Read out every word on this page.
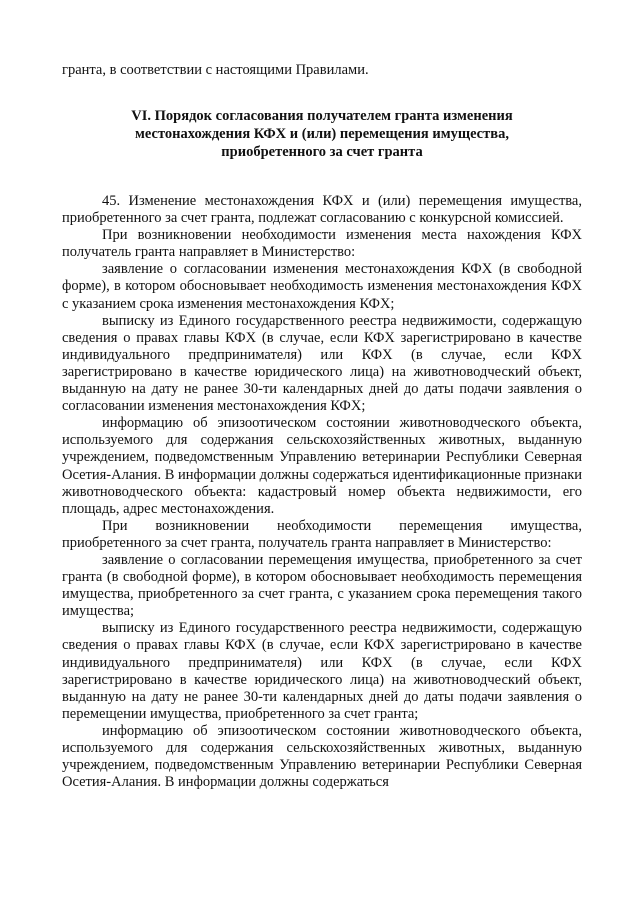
гранта, в соответствии с настоящими Правилами.

VI. Порядок согласования получателем гранта изменения
местонахождения КФХ и (или) перемещения имущества,
приобретенного за счет гранта

45. Изменение местонахождения КФХ и (или) перемещения имущества, приобретенного за счет гранта, подлежат согласованию с конкурсной комиссией.

При возникновении необходимости изменения места нахождения КФХ получатель гранта направляет в Министерство:

заявление о согласовании изменения местонахождения КФХ (в свободной форме), в котором обосновывает необходимость изменения местонахождения КФХ с указанием срока изменения местонахождения КФХ;

выписку из Единого государственного реестра недвижимости, содержащую сведения о правах главы КФХ (в случае, если КФХ зарегистрировано в качестве индивидуального предпринимателя) или КФХ (в случае, если КФХ зарегистрировано в качестве юридического лица) на животноводческий объект, выданную на дату не ранее 30-ти календарных дней до даты подачи заявления о согласовании изменения местонахождения КФХ;

информацию об эпизоотическом состоянии животноводческого объекта, используемого для содержания сельскохозяйственных животных, выданную учреждением, подведомственным Управлению ветеринарии Республики Северная Осетия-Алания. В информации должны содержаться идентификационные признаки животноводческого объекта: кадастровый номер объекта недвижимости, его площадь, адрес местонахождения.

При возникновении необходимости перемещения имущества, приобретенного за счет гранта, получатель гранта направляет в Министерство:

заявление о согласовании перемещения имущества, приобретенного за счет гранта (в свободной форме), в котором обосновывает необходимость перемещения имущества, приобретенного за счет гранта, с указанием срока перемещения такого имущества;

выписку из Единого государственного реестра недвижимости, содержащую сведения о правах главы КФХ (в случае, если КФХ зарегистрировано в качестве индивидуального предпринимателя) или КФХ (в случае, если КФХ зарегистрировано в качестве юридического лица) на животноводческий объект, выданную на дату не ранее 30-ти календарных дней до даты подачи заявления о перемещении имущества, приобретенного за счет гранта;

информацию об эпизоотическом состоянии животноводческого объекта, используемого для содержания сельскохозяйственных животных, выданную учреждением, подведомственным Управлению ветеринарии Республики Северная Осетия-Алания. В информации должны содержаться
